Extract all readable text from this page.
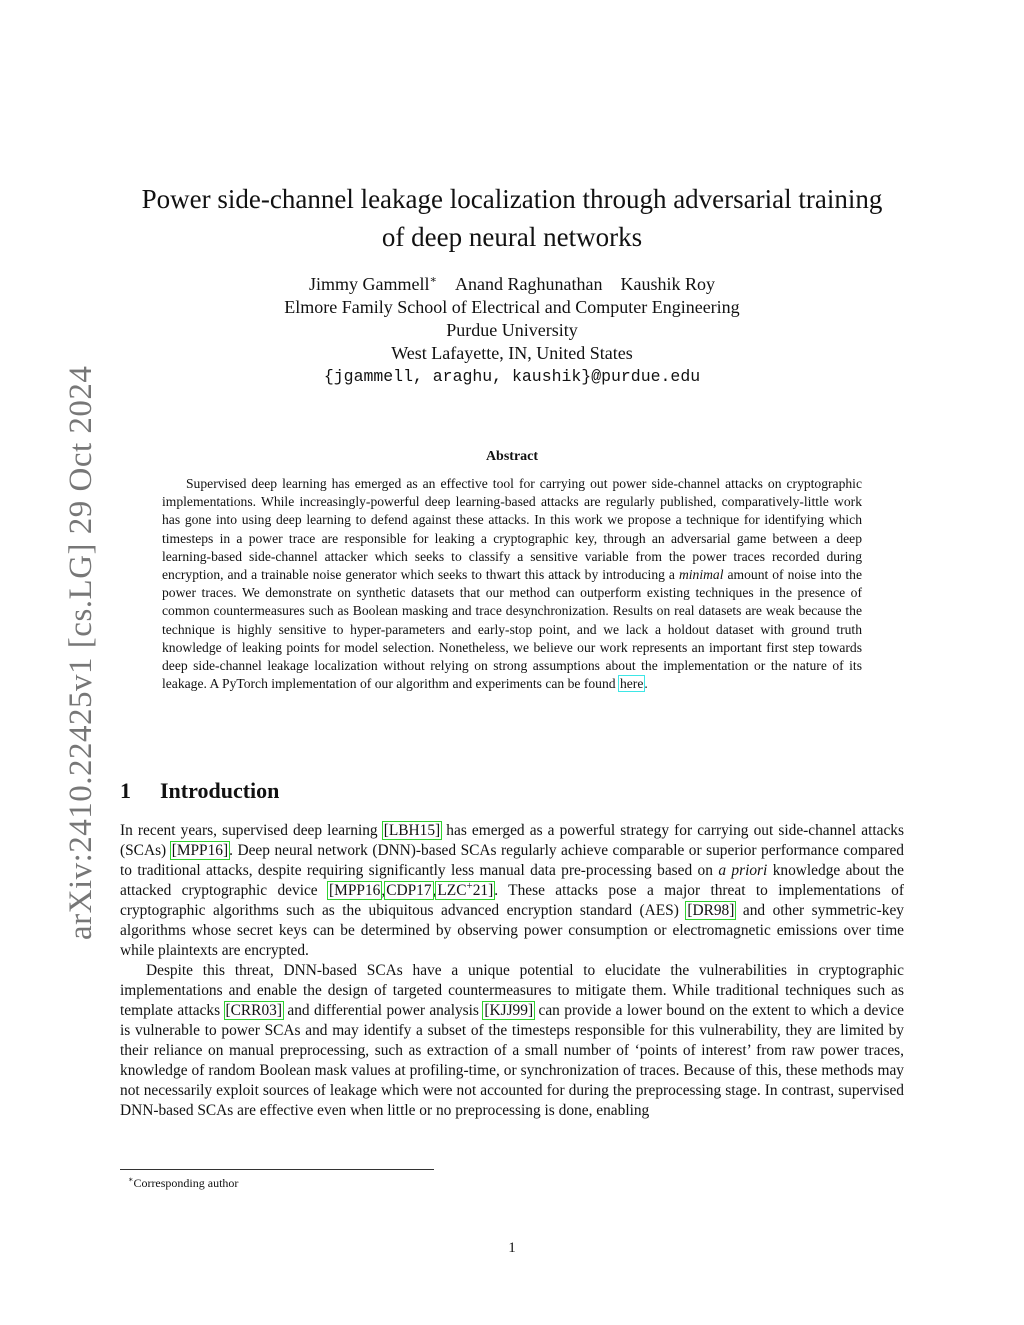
arXiv:2410.22425v1 [cs.LG] 29 Oct 2024
Power side-channel leakage localization through adversarial training
of deep neural networks
Jimmy Gammell∗ Anand Raghunathan Kaushik Roy
Elmore Family School of Electrical and Computer Engineering
Purdue University
West Lafayette, IN, United States
{jgammell, araghu, kaushik}@purdue.edu
Abstract
Supervised deep learning has emerged as an effective tool for carrying out power side-channel attacks on cryptographic implementations. While increasingly-powerful deep learning-based attacks are regularly published, comparatively-little work has gone into using deep learning to defend against these attacks. In this work we propose a technique for identifying which timesteps in a power trace are responsible for leaking a cryptographic key, through an adversarial game between a deep learning-based side-channel attacker which seeks to classify a sensitive variable from the power traces recorded during encryption, and a trainable noise generator which seeks to thwart this attack by introducing a minimal amount of noise into the power traces. We demonstrate on synthetic datasets that our method can outperform existing techniques in the presence of common countermeasures such as Boolean masking and trace desynchronization. Results on real datasets are weak because the technique is highly sensitive to hyper-parameters and early-stop point, and we lack a holdout dataset with ground truth knowledge of leaking points for model selection. Nonetheless, we believe our work represents an important first step towards deep side-channel leakage localization without relying on strong assumptions about the implementation or the nature of its leakage. A PyTorch implementation of our algorithm and experiments can be found here.
1 Introduction

In recent years, supervised deep learning [LBH15] has emerged as a powerful strategy for carrying out side-channel attacks (SCAs) [MPP16]. Deep neural network (DNN)-based SCAs regularly achieve comparable or superior performance compared to traditional attacks, despite requiring significantly less manual data pre-processing based on a priori knowledge about the attacked cryptographic device [MPP16,CDP17,LZC+21]. These attacks pose a major threat to implementations of cryptographic algorithms such as the ubiquitous advanced encryption standard (AES) [DR98] and other symmetric-key algorithms whose secret keys can be determined by observing power consumption or electromagnetic emissions over time while plaintexts are encrypted.

Despite this threat, DNN-based SCAs have a unique potential to elucidate the vulnerabilities in cryptographic implementations and enable the design of targeted countermeasures to mitigate them. While traditional techniques such as template attacks [CRR03] and differential power analysis [KJJ99] can provide a lower bound on the extent to which a device is vulnerable to power SCAs and may identify a subset of the timesteps responsible for this vulnerability, they are limited by their reliance on manual preprocessing, such as extraction of a small number of ‘points of interest’ from raw power traces, knowledge of random Boolean mask values at profiling-time, or synchronization of traces. Because of this, these methods may not necessarily exploit sources of leakage which were not accounted for during the preprocessing stage. In contrast, supervised DNN-based SCAs are effective even when little or no preprocessing is done, enabling

∗Corresponding author
1
